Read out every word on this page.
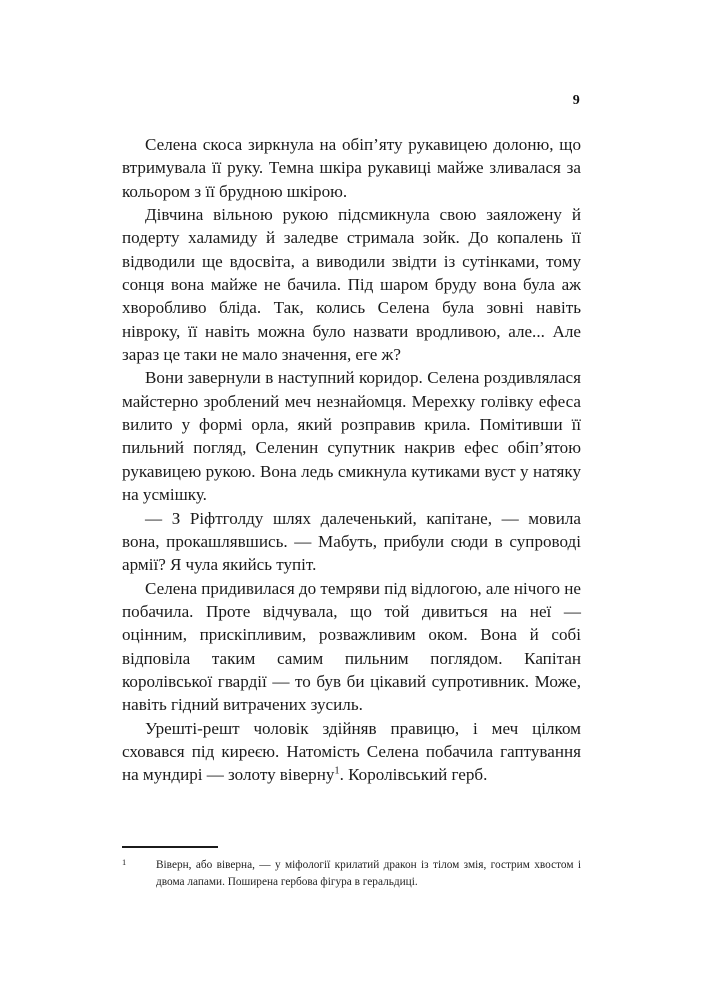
9

Селена скоса зиркнула на обіп’яту рукавицею долоню, що втримувала її руку. Темна шкіра рукавиці майже зливалася за кольором з її брудною шкірою.

Дівчина вільною рукою підсмикнула свою заяложену й подерту халамиду й заледве стримала зойк. До копалень її відводили ще вдосвіта, а виводили звідти із сутінками, тому сонця вона майже не бачила. Під шаром бруду вона була аж хворобливо бліда. Так, колись Селена була зовні навіть ніврoку, її навіть можна було назвати вродливою, але... Але зараз це таки не мало значення, еге ж?

Вони завернули в наступний коридор. Селена роздивлялася майстерно зроблений меч незнайомця. Мерехку голівку ефеса вилито у формі орла, який розправив крила. Помітивши її пильний погляд, Селенин супутник накрив ефес обіп’ятою рукавицею рукою. Вона ледь смикнула кутиками вуст у натяку на усмішку.

— З Ріфтголду шлях далеченький, капітане, — мовила вона, прокашлявшись. — Мабуть, прибули сюди в супроводі армії? Я чула якийсь тупіт.

Селена придивилася до темряви під відлогою, але нічого не побачила. Проте відчувала, що той дивиться на неї — оцінним, прискіпливим, розважливим оком. Вона й собі відповіла таким самим пильним поглядом. Капітан королівської гвардії — то був би цікавий супротивник. Може, навіть гідний витрачених зусиль.

Урешті-решт чоловік здійняв правицю, і меч цілком сховався під киреєю. Натомість Селена побачила гаптування на мундирі — золоту віверну$^1$. Королівський герб.

1	Віверн, або віверна, — у міфології крилатий дракон із тілом змія, гострим хвостом і двома лапами. Поширена гербова фігура в геральдиці.
